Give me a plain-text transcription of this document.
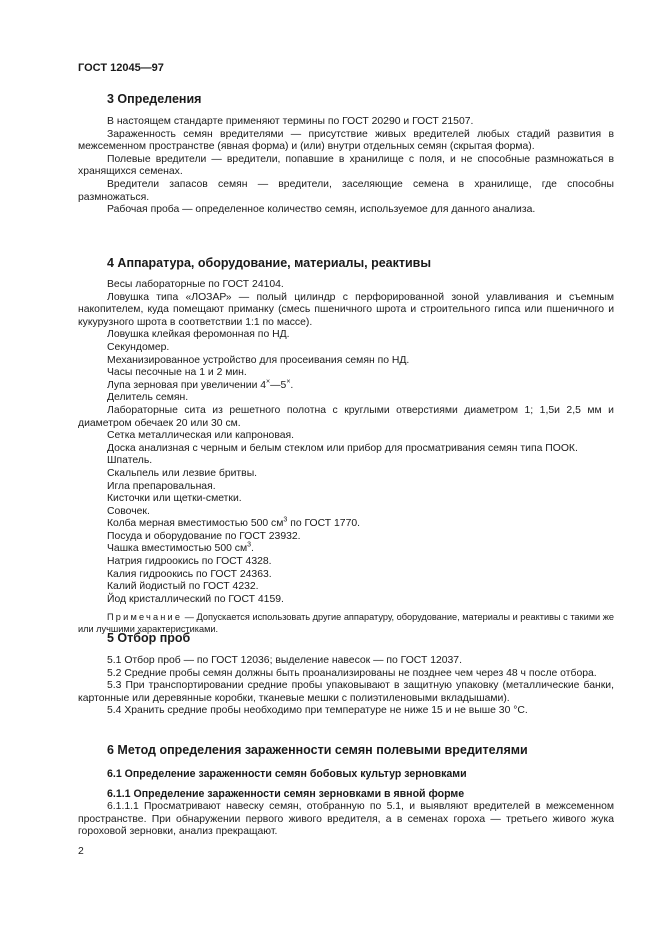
ГОСТ 12045—97
3 Определения

В настоящем стандарте применяют термины по ГОСТ 20290 и ГОСТ 21507.

Зараженность семян вредителями — присутствие живых вредителей любых стадий развития в межсеменном пространстве (явная форма) и (или) внутри отдельных семян (скрытая форма).

Полевые вредители — вредители, попавшие в хранилище с поля, и не способные размножаться в хранящихся семенах.

Вредители запасов семян — вредители, заселяющие семена в хранилище, где способны размножаться.

Рабочая проба — определенное количество семян, используемое для данного анализа.

4 Аппаратура, оборудование, материалы, реактивы

Весы лабораторные по ГОСТ 24104.

Ловушка типа «ЛОЗАР» — полый цилиндр с перфорированной зоной улавливания и съемным накопителем, куда помещают приманку (смесь пшеничного шрота и строительного гипса или пшеничного и кукурузного шрота в соответствии 1:1 по массе).

Ловушка клейкая феромонная по НД.

Секундомер.

Механизированное устройство для просеивания семян по НД.

Часы песочные на 1 и 2 мин.

Лупа зерновая при увеличении 4×—5×.

Делитель семян.

Лабораторные сита из решетного полотна с круглыми отверстиями диаметром 1; 1,5и 2,5 мм и диаметром обечаек 20 или 30 см.

Сетка металлическая или капроновая.

Доска анализная с черным и белым стеклом или прибор для просматривания семян типа ПООК.

Шпатель.

Скальпель или лезвие бритвы.

Игла препаровальная.

Кисточки или щетки-сметки.

Совочек.

Колба мерная вместимостью 500 $см^3$ по ГОСТ 1770.

Посуда и оборудование по ГОСТ 23932.

Чашка вместимостью 500 $см^3$.

Натрия гидроокись по ГОСТ 4328.

Калия гидроокись по ГОСТ 24363.

Калий йодистый по ГОСТ 4232.

Йод кристаллический по ГОСТ 4159.

Примечание — Допускается использовать другие аппаратуру, оборудование, материалы и реактивы с такими же или лучшими характеристиками.

5 Отбор проб

5.1 Отбор проб — по ГОСТ 12036; выделение навесок — по ГОСТ 12037.

5.2 Средние пробы семян должны быть проанализированы не позднее чем через 48 ч после отбора.

5.3 При транспортировании средние пробы упаковывают в защитную упаковку (металлические банки, картонные или деревянные коробки, тканевые мешки с полиэтиленовыми вкладышами).

5.4 Хранить средние пробы необходимо при температуре не ниже 15 и не выше 30 °С.

6 Метод определения зараженности семян полевыми вредителями
6.1 Определение зараженности семян бобовых культур зерновками
6.1.1 Определение зараженности семян зерновками в явной форме

6.1.1.1 Просматривают навеску семян, отобранную по 5.1, и выявляют вредителей в межсеменном пространстве. При обнаружении первого живого вредителя, а в семенах гороха — третьего живого жука гороховой зерновки, анализ прекращают.

2
